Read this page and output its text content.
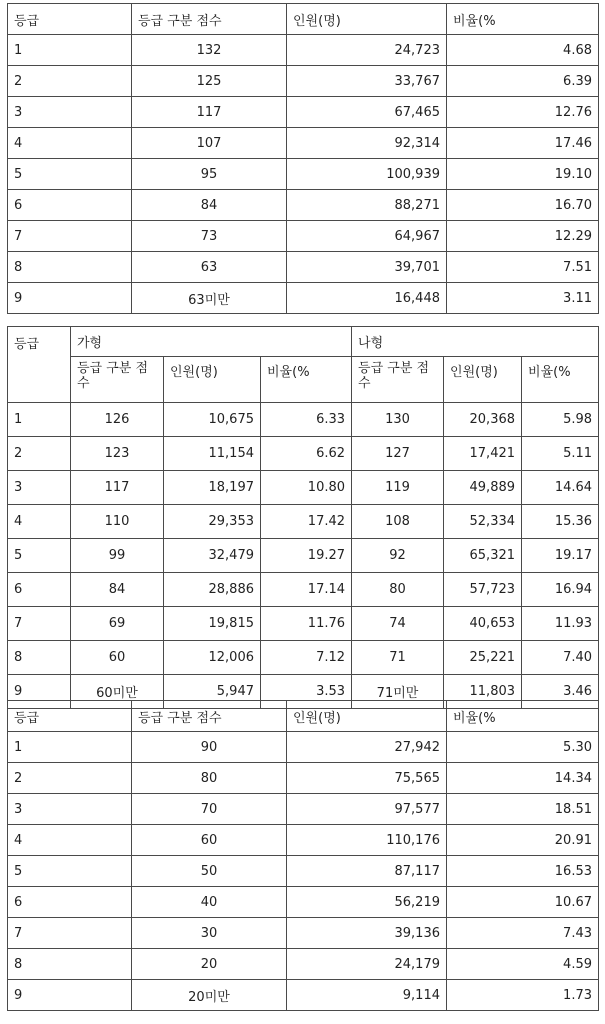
등급	등급 구분 점수	인원(명)	비율(%
1	132	24,723	4.68
2	125	33,767	6.39
3	117	67,465	12.76
4	107	92,314	17.46
5	95	100,939	19.10
6	84	88,271	16.70
7	73	64,967	12.29
8	63	39,701	7.51
9	63미만	16,448	3.11
등급	가형			나형		
	등급 구분 점수	인원(명)	비율(%	등급 구분 점수	인원(명)	비율(%
1	126	10,675	6.33	130	20,368	5.98
2	123	11,154	6.62	127	17,421	5.11
3	117	18,197	10.80	119	49,889	14.64
4	110	29,353	17.42	108	52,334	15.36
5	99	32,479	19.27	92	65,321	19.17
6	84	28,886	17.14	80	57,723	16.94
7	69	19,815	11.76	74	40,653	11.93
8	60	12,006	7.12	71	25,221	7.40
9	60미만	5,947	3.53	71미만	11,803	3.46
등급	등급 구분 점수	인원(명)	비율(%
1	90	27,942	5.30
2	80	75,565	14.34
3	70	97,577	18.51
4	60	110,176	20.91
5	50	87,117	16.53
6	40	56,219	10.67
7	30	39,136	7.43
8	20	24,179	4.59
9	20미만	9,114	1.73
